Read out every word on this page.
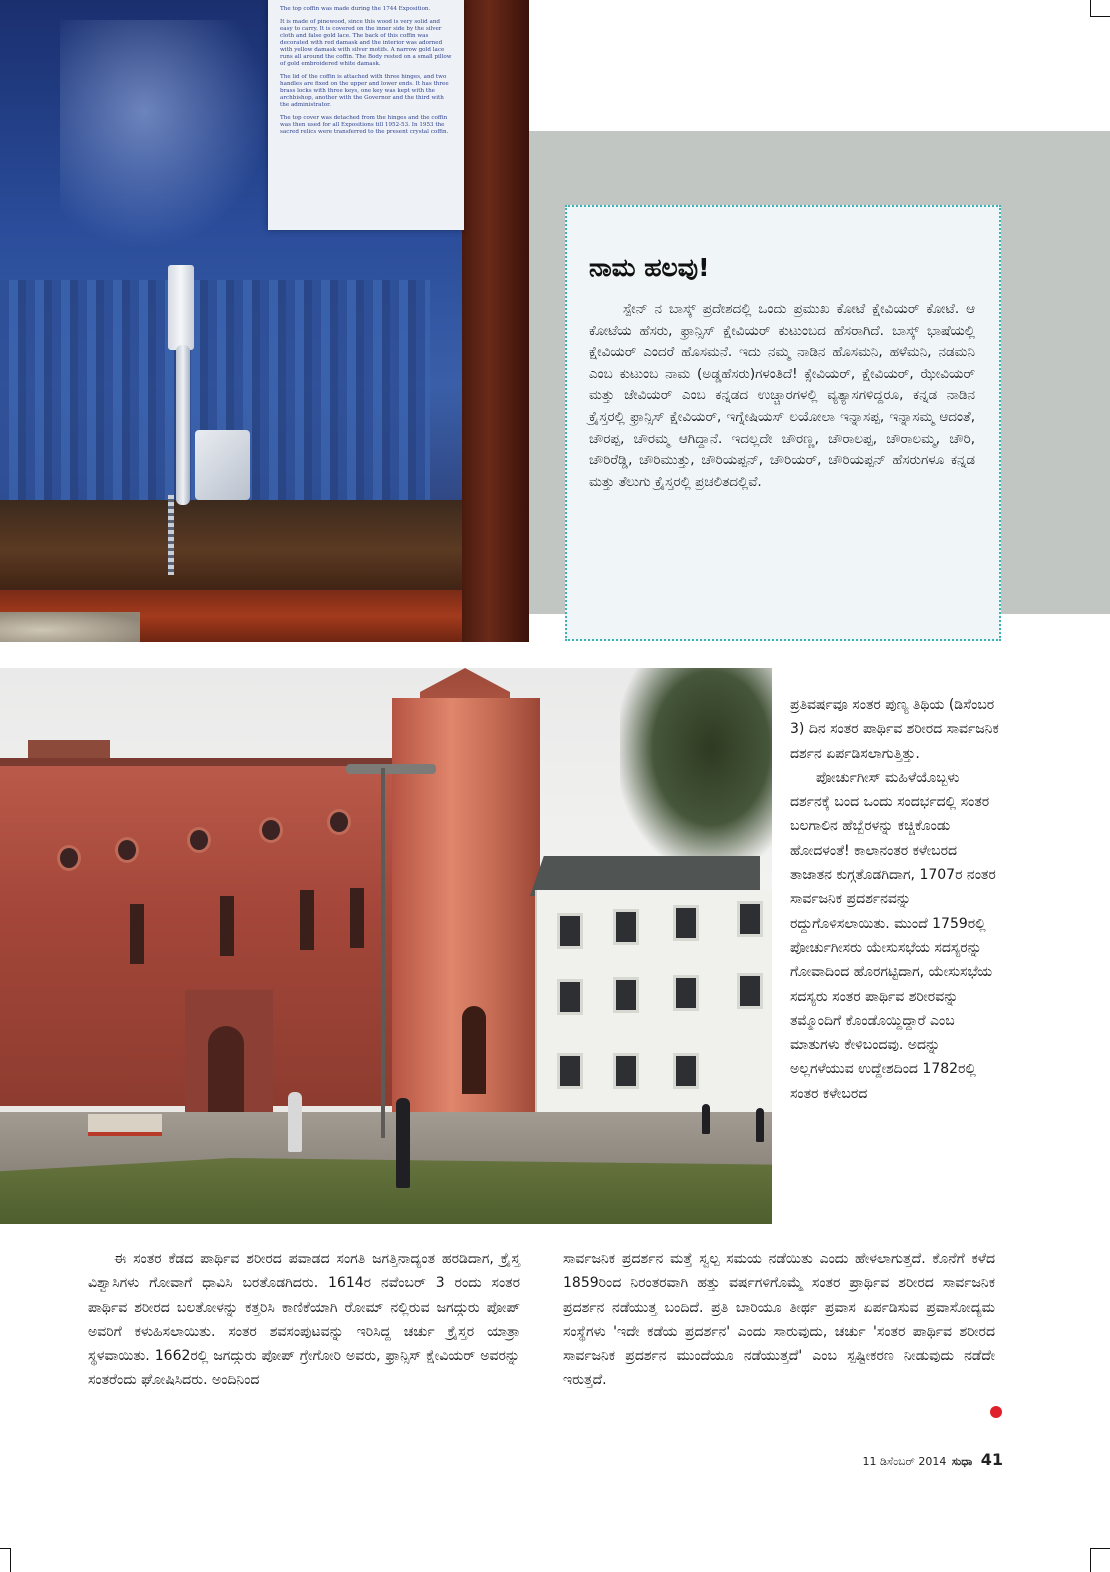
The top coffin was made during the 1744 Exposition.

It is made of pinewood, since this wood is very solid and easy to carry. It is covered on the inner side by the silver cloth and false gold lace. The back of this coffin was decorated with red damask and the interior was adorned with yellow damask with silver motifs. A narrow gold lace runs all around the coffin. The Body rested on a small pillow of gold embroidered white damask.

The lid of the coffin is attached with three hinges, and two handles are fixed on the upper and lower ends. It has three brass locks with three keys, one key was kept with the archbishop, another with the Governor and the third with the administrator.

The top cover was detached from the hinges and the coffin was then used for all Expositions till 1952-53. In 1953 the sacred relics were transferred to the present crystal coffin.

ನಾಮ ಹಲವು!

ಸ್ಪೇನ್ ನ ಬಾಸ್ಕ್ ಪ್ರದೇಶದಲ್ಲಿ ಒಂದು ಪ್ರಮುಖ ಕೋಟೆ ಕ್ಷೇವಿಯರ್ ಕೋಟೆ. ಆ ಕೋಟೆಯ ಹೆಸರು, ಫ್ರಾನ್ಸಿಸ್ ಕ್ಷೇವಿಯರ್ ಕುಟುಂಬದ ಹೆಸರಾಗಿದೆ. ಬಾಸ್ಕ್ ಭಾಷೆಯಲ್ಲಿ ಕ್ಷೇವಿಯರ್ ಎಂದರೆ ಹೊಸಮನೆ. ಇದು ನಮ್ಮ ನಾಡಿನ ಹೊಸಮನಿ, ಹಳೆಮನಿ, ನಡಮನಿ ಎಂಬ ಕುಟುಂಬ ನಾಮ (ಅಡ್ಡಹೆಸರು)ಗಳಂತಿದೆ! ಕ್ಸೇವಿಯರ್, ಕ್ಷೇವಿಯರ್, ಝೇವಿಯರ್ ಮತ್ತು ಜೇವಿಯರ್ ಎಂಬ ಕನ್ನಡದ ಉಚ್ಚಾರಗಳಲ್ಲಿ ವ್ಯತ್ಯಾಸಗಳಿದ್ದರೂ, ಕನ್ನಡ ನಾಡಿನ ಕ್ರೈಸ್ತರಲ್ಲಿ ಫ್ರಾನ್ಸಿಸ್ ಕ್ಷೇವಿಯರ್, ಇಗ್ನೇಷಿಯಸ್ ಲಯೋಲಾ ಇನ್ನಾಸಪ್ಪ, ಇನ್ನಾಸಮ್ಮ ಆದಂತೆ, ಚೌರಪ್ಪ, ಚೌರಮ್ಮ ಆಗಿದ್ದಾನೆ. ಇದಲ್ಲದೇ ಚೌರಣ್ಣ, ಚೌರಾಲಪ್ಪ, ಚೌರಾಲಮ್ಮ, ಚೌರಿ, ಚೌರಿರೆಡ್ಡಿ, ಚೌರಿಮುತ್ತು, ಚೌರಿಯಪ್ಪನ್, ಚೌರಿಯರ್, ಚೌರಿಯಪ್ಪನ್ ಹೆಸರುಗಳೂ ಕನ್ನಡ ಮತ್ತು ತೆಲುಗು ಕ್ರೈಸ್ತರಲ್ಲಿ ಪ್ರಚಲಿತದಲ್ಲಿವೆ.

ಪ್ರತಿವರ್ಷವೂ ಸಂತರ ಪುಣ್ಯ ತಿಥಿಯ (ಡಿಸೆಂಬರ 3) ದಿನ ಸಂತರ ಪಾರ್ಥಿವ ಶರೀರದ ಸಾರ್ವಜನಿಕ ದರ್ಶನ ಏರ್ಪಡಿಸಲಾಗುತ್ತಿತ್ತು.
ಪೋರ್ಚುಗೀಸ್ ಮಹಿಳೆಯೊಬ್ಬಳು ದರ್ಶನಕ್ಕೆ ಬಂದ ಒಂದು ಸಂದರ್ಭದಲ್ಲಿ ಸಂತರ ಬಲಗಾಲಿನ ಹೆಬ್ಬೆರಳನ್ನು ಕಚ್ಚಿಕೊಂಡು ಹೋದಳಂತೆ! ಕಾಲಾನಂತರ ಕಳೇಬರದ ತಾಜಾತನ ಕುಗ್ಗತೊಡಗಿದಾಗ, 1707ರ ನಂತರ ಸಾರ್ವಜನಿಕ ಪ್ರದರ್ಶನವನ್ನು ರದ್ದುಗೊಳಿಸಲಾಯಿತು. ಮುಂದೆ 1759ರಲ್ಲಿ ಪೋರ್ಚುಗೀಸರು ಯೇಸುಸಭೆಯ ಸದಸ್ಯರನ್ನು ಗೋವಾದಿಂದ ಹೊರಗಟ್ಟಿದಾಗ, ಯೇಸುಸಭೆಯ ಸದಸ್ಯರು ಸಂತರ ಪಾರ್ಥಿವ ಶರೀರವನ್ನು ತಮ್ಮೊಂದಿಗೆ ಕೊಂಡೊಯ್ದಿದ್ದಾರೆ ಎಂಬ ಮಾತುಗಳು ಕೇಳಿಬಂದವು. ಅದನ್ನು ಅಲ್ಲಗಳೆಯುವ ಉದ್ದೇಶದಿಂದ 1782ರಲ್ಲಿ ಸಂತರ ಕಳೇಬರದ

ಈ ಸಂತರ ಕೆಡದ ಪಾರ್ಥಿವ ಶರೀರದ ಪವಾಡದ ಸಂಗತಿ ಜಗತ್ತಿನಾದ್ಯಂತ ಹರಡಿದಾಗ, ಕ್ರೈಸ್ತ ವಿಶ್ವಾಸಿಗಳು ಗೋವಾಗೆ ಧಾವಿಸಿ ಬರತೊಡಗಿದರು. 1614ರ ನವೆಂಬರ್ 3 ರಂದು ಸಂತರ ಪಾರ್ಥಿವ ಶರೀರದ ಬಲತೋಳನ್ನು ಕತ್ತರಿಸಿ ಕಾಣಿಕೆಯಾಗಿ ರೋಮ್ ನಲ್ಲಿರುವ ಜಗದ್ಗುರು ಪೋಪ್ ಅವರಿಗೆ ಕಳುಹಿಸಲಾಯಿತು. ಸಂತರ ಶವಸಂಪುಟವನ್ನು ಇರಿಸಿದ್ದ ಚರ್ಚು ಕ್ರೈಸ್ತರ ಯಾತ್ರಾ ಸ್ಥಳವಾಯಿತು. 1662ರಲ್ಲಿ ಜಗದ್ಗುರು ಪೋಪ್ ಗ್ರೇಗೋರಿ ಅವರು, ಫ್ರಾನ್ಸಿಸ್ ಕ್ಷೇವಿಯರ್ ಅವರನ್ನು ಸಂತರೆಂದು ಘೋಷಿಸಿದರು. ಅಂದಿನಿಂದ

ಸಾರ್ವಜನಿಕ ಪ್ರದರ್ಶನ ಮತ್ತೆ ಸ್ವಲ್ಪ ಸಮಯ ನಡೆಯಿತು ಎಂದು ಹೇಳಲಾಗುತ್ತದೆ. ಕೊನೆಗೆ ಕಳೆದ 1859ರಿಂದ ನಿರಂತರವಾಗಿ ಹತ್ತು ವರ್ಷಗಳಿಗೊಮ್ಮೆ ಸಂತರ ಪ್ರಾರ್ಥಿವ ಶರೀರದ ಸಾರ್ವಜನಿಕ ಪ್ರದರ್ಶನ ನಡೆಯುತ್ತ ಬಂದಿದೆ. ಪ್ರತಿ ಬಾರಿಯೂ ತೀರ್ಥ ಪ್ರವಾಸ ಏರ್ಪಡಿಸುವ ಪ್ರವಾಸೋದ್ಯಮ ಸಂಸ್ಥೆಗಳು 'ಇದೇ ಕಡೆಯ ಪ್ರದರ್ಶನ' ಎಂದು ಸಾರುವುದು, ಚರ್ಚು 'ಸಂತರ ಪಾರ್ಥಿವ ಶರೀರದ ಸಾರ್ವಜನಿಕ ಪ್ರದರ್ಶನ ಮುಂದೆಯೂ ನಡೆಯುತ್ತದೆ' ಎಂಬ ಸ್ಪಷ್ಟೀಕರಣ ನೀಡುವುದು ನಡೆದೇ ಇರುತ್ತದೆ.

11 ಡಿಸೆಂಬರ್ 2014 ಸುಧಾ 41
